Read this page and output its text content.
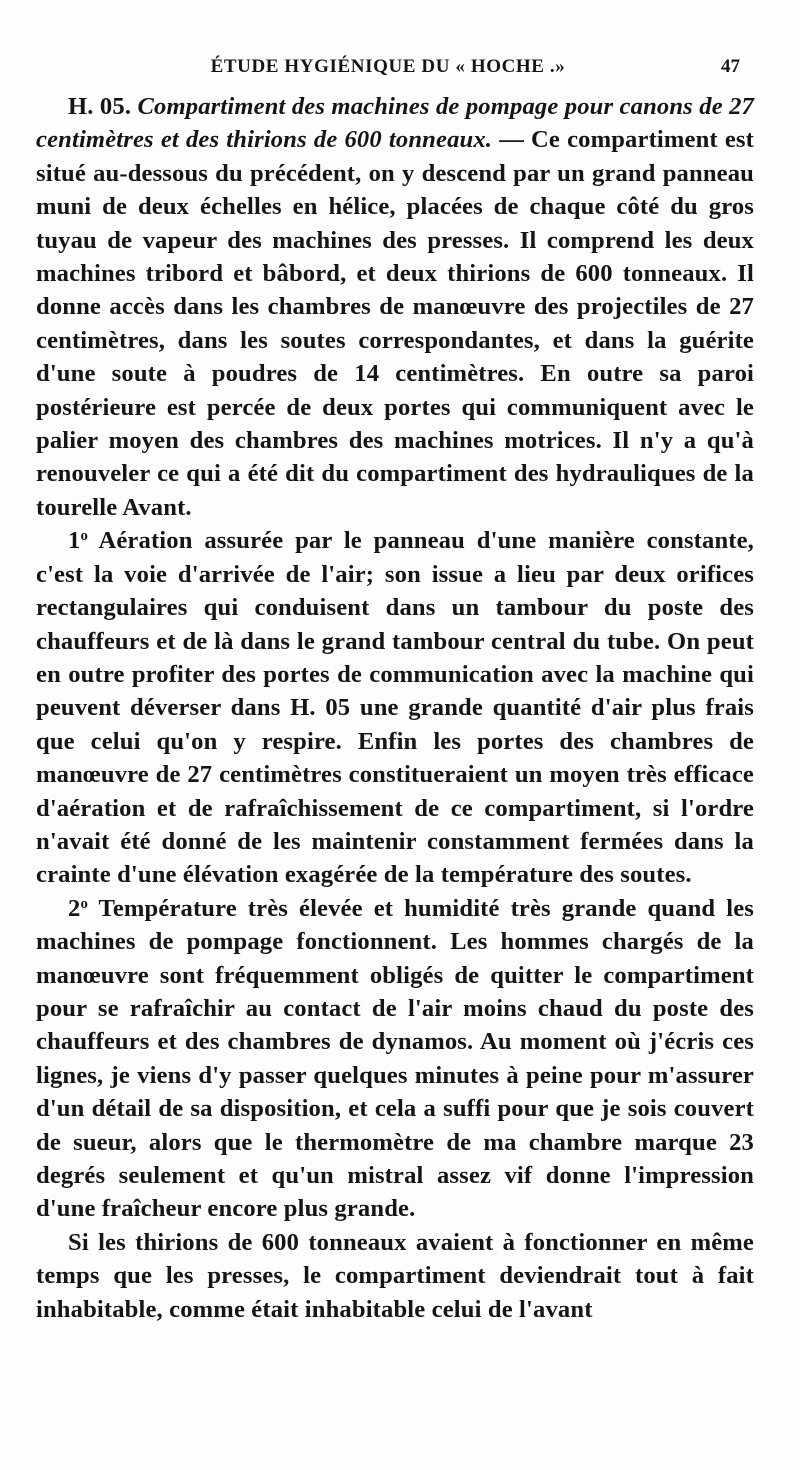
ÉTUDE HYGIÉNIQUE DU « HOCHE .»	47

H. 05. Compartiment des machines de pompage pour canons de 27 centimètres et des thirions de 600 tonneaux. — Ce compartiment est situé au-dessous du précédent, on y descend par un grand panneau muni de deux échelles en hélice, placées de chaque côté du gros tuyau de vapeur des machines des presses. Il comprend les deux machines tribord et bâbord, et deux thirions de 600 tonneaux. Il donne accès dans les chambres de manœuvre des projectiles de 27 centimètres, dans les soutes correspondantes, et dans la guérite d'une soute à poudres de 14 centimètres. En outre sa paroi postérieure est percée de deux portes qui communiquent avec le palier moyen des chambres des machines motrices. Il n'y a qu'à renouveler ce qui a été dit du compartiment des hydrauliques de la tourelle Avant.

1$^o$ Aération assurée par le panneau d'une manière constante, c'est la voie d'arrivée de l'air; son issue a lieu par deux orifices rectangulaires qui conduisent dans un tambour du poste des chauffeurs et de là dans le grand tambour central du tube. On peut en outre profiter des portes de communication avec la machine qui peuvent déverser dans H. 05 une grande quantité d'air plus frais que celui qu'on y respire. Enfin les portes des chambres de manœuvre de 27 centimètres constitueraient un moyen très efficace d'aération et de rafraîchissement de ce compartiment, si l'ordre n'avait été donné de les maintenir constamment fermées dans la crainte d'une élévation exagérée de la température des soutes.

2$^o$ Température très élevée et humidité très grande quand les machines de pompage fonctionnent. Les hommes chargés de la manœuvre sont fréquemment obligés de quitter le compartiment pour se rafraîchir au contact de l'air moins chaud du poste des chauffeurs et des chambres de dynamos. Au moment où j'écris ces lignes, je viens d'y passer quelques minutes à peine pour m'assurer d'un détail de sa disposition, et cela a suffi pour que je sois couvert de sueur, alors que le thermomètre de ma chambre marque 23 degrés seulement et qu'un mistral assez vif donne l'impression d'une fraîcheur encore plus grande.

Si les thirions de 600 tonneaux avaient à fonctionner en même temps que les presses, le compartiment deviendrait tout à fait inhabitable, comme était inhabitable celui de l'avant
